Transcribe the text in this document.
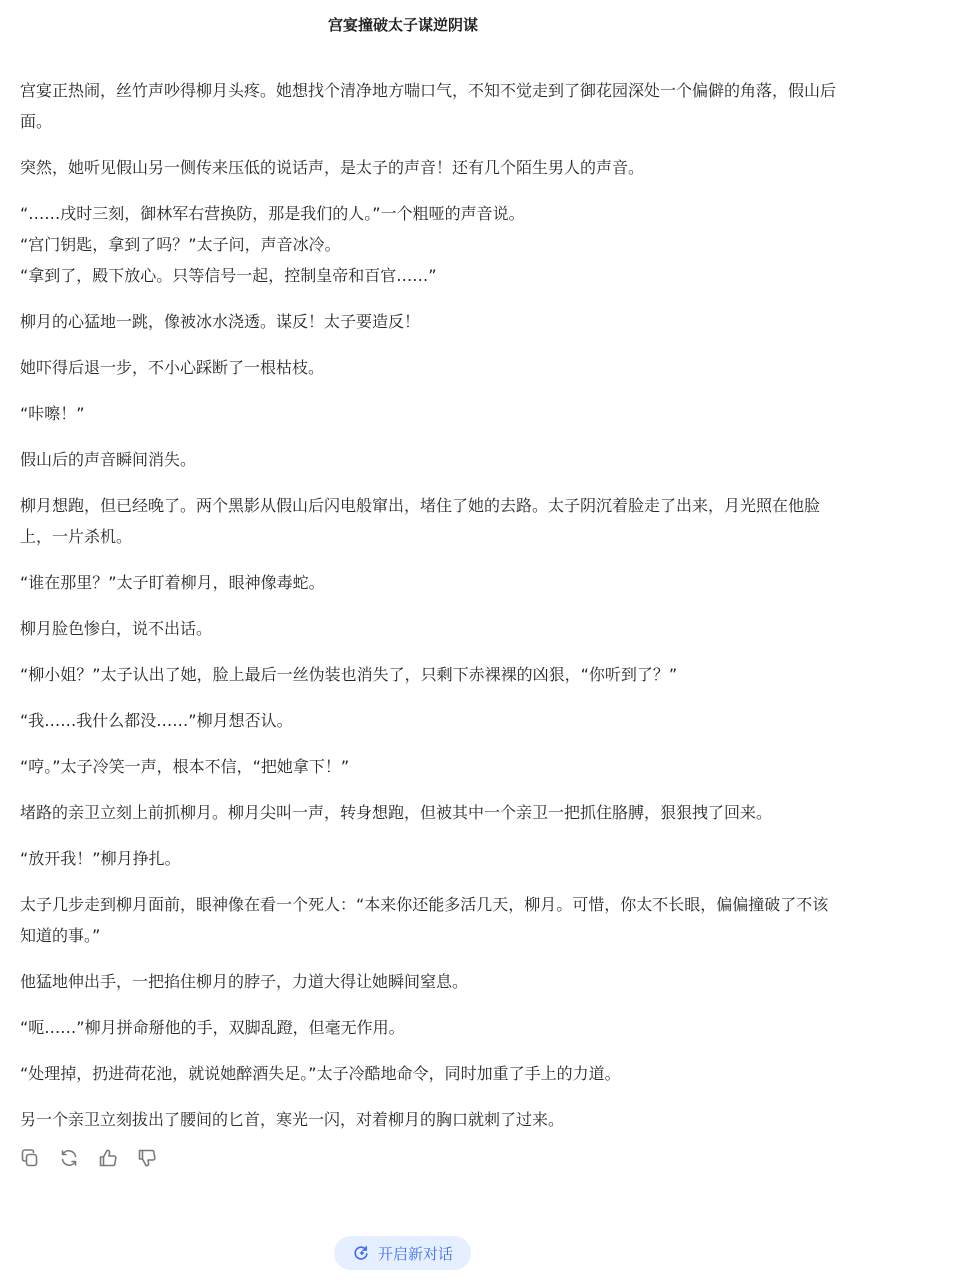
宫宴撞破太子谋逆阴谋

宫宴正热闹，丝竹声吵得柳月头疼。她想找个清净地方喘口气，不知不觉走到了御花园深处一个偏僻的角落，假山后面。

突然，她听见假山另一侧传来压低的说话声，是太子的声音！还有几个陌生男人的声音。

“……戌时三刻，御林军右营换防，那是我们的人。”一个粗哑的声音说。

“宫门钥匙，拿到了吗？”太子问，声音冰冷。

“拿到了，殿下放心。只等信号一起，控制皇帝和百官……”

柳月的心猛地一跳，像被冰水浇透。谋反！太子要造反！

她吓得后退一步，不小心踩断了一根枯枝。

“咔嚓！”

假山后的声音瞬间消失。

柳月想跑，但已经晚了。两个黑影从假山后闪电般窜出，堵住了她的去路。太子阴沉着脸走了出来，月光照在他脸上，一片杀机。

“谁在那里？”太子盯着柳月，眼神像毒蛇。

柳月脸色惨白，说不出话。

“柳小姐？”太子认出了她，脸上最后一丝伪装也消失了，只剩下赤裸裸的凶狠，“你听到了？”

“我……我什么都没……”柳月想否认。

“哼。”太子冷笑一声，根本不信，“把她拿下！”

堵路的亲卫立刻上前抓柳月。柳月尖叫一声，转身想跑，但被其中一个亲卫一把抓住胳膊，狠狠拽了回来。

“放开我！”柳月挣扎。

太子几步走到柳月面前，眼神像在看一个死人：“本来你还能多活几天，柳月。可惜，你太不长眼，偏偏撞破了不该知道的事。”

他猛地伸出手，一把掐住柳月的脖子，力道大得让她瞬间窒息。

“呃……”柳月拼命掰他的手，双脚乱蹬，但毫无作用。

“处理掉，扔进荷花池，就说她醉酒失足。”太子冷酷地命令，同时加重了手上的力道。

另一个亲卫立刻拔出了腰间的匕首，寒光一闪，对着柳月的胸口就刺了过来。

开启新对话
